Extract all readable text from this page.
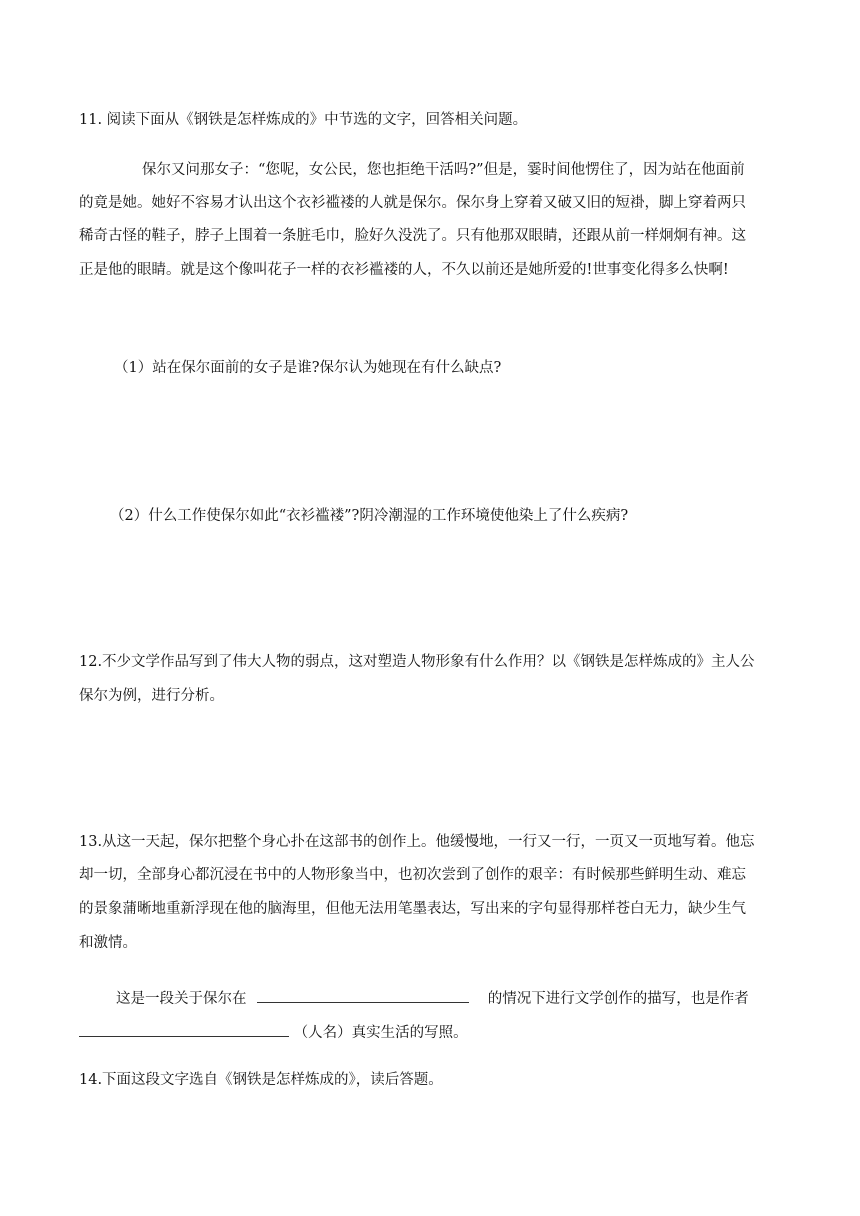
11. 阅读下面从《钢铁是怎样炼成的》中节选的文字，回答相关问题。
保尔又问那女子：“您呢，女公民，您也拒绝干活吗?”但是，霎时间他愣住了，因为站在他面前
的竟是她。她好不容易才认出这个衣衫褴褛的人就是保尔。保尔身上穿着又破又旧的短褂，脚上穿着两只
稀奇古怪的鞋子，脖子上围着一条脏毛巾，脸好久没洗了。只有他那双眼睛，还跟从前一样炯炯有神。这
正是他的眼睛。就是这个像叫花子一样的衣衫褴褛的人，不久以前还是她所爱的!世事变化得多么快啊!
（1）站在保尔面前的女子是谁?保尔认为她现在有什么缺点?
（2）什么工作使保尔如此“衣衫褴褛”?阴冷潮湿的工作环境使他染上了什么疾病?
12.不少文学作品写到了伟大人物的弱点，这对塑造人物形象有什么作用？以《钢铁是怎样炼成的》主人公
保尔为例，进行分析。
13.从这一天起，保尔把整个身心扑在这部书的创作上。他缓慢地，一行又一行，一页又一页地写着。他忘
却一切，全部身心都沉浸在书中的人物形象当中，也初次尝到了创作的艰辛：有时候那些鲜明生动、难忘
的景象蒲晰地重新浮现在他的脑海里，但他无法用笔墨表达，写出来的字句显得那样苍白无力，缺少生气
和激情。
这是一段关于保尔在	的情况下进行文学创作的描写，也是作者
（人名）真实生活的写照。
14.下面这段文字选自《钢铁是怎样炼成的》，读后答题。
